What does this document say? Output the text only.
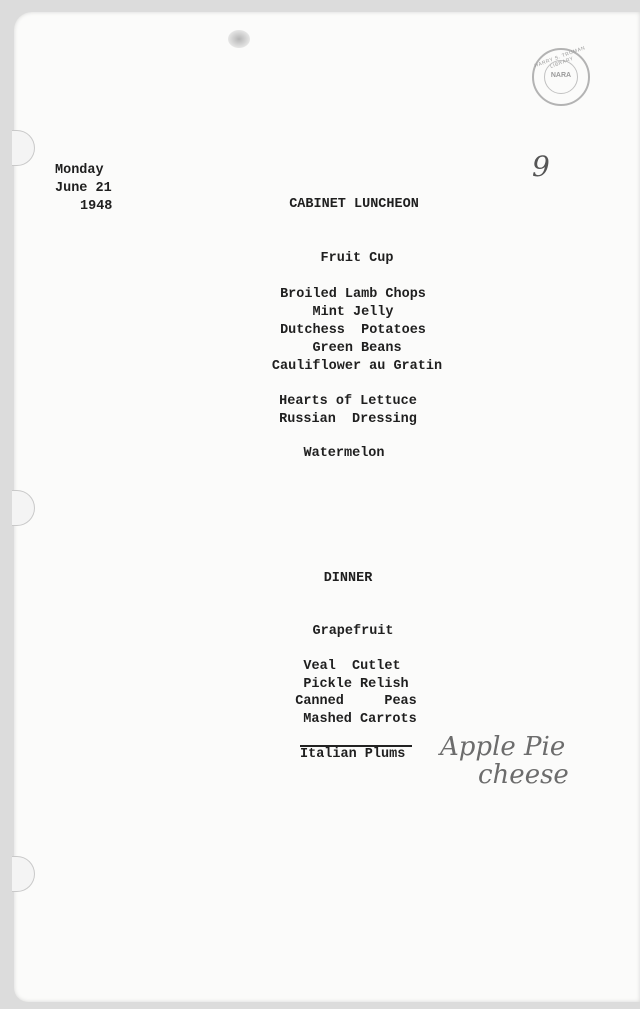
HARRY S. TRUMAN LIBRARY
NARA
9
Monday
June 21
1948	CABINET LUNCHEON
Fruit Cup
Broiled Lamb Chops
Mint Jelly
Dutchess  Potatoes
Green Beans
Cauliflower au Gratin
Hearts of Lettuce
Russian  Dressing
Watermelon
DINNER
Grapefruit
Veal  Cutlet
Pickle Relish
Canned     Peas
Mashed Carrots
Italian Plums Apple Pie
cheese
